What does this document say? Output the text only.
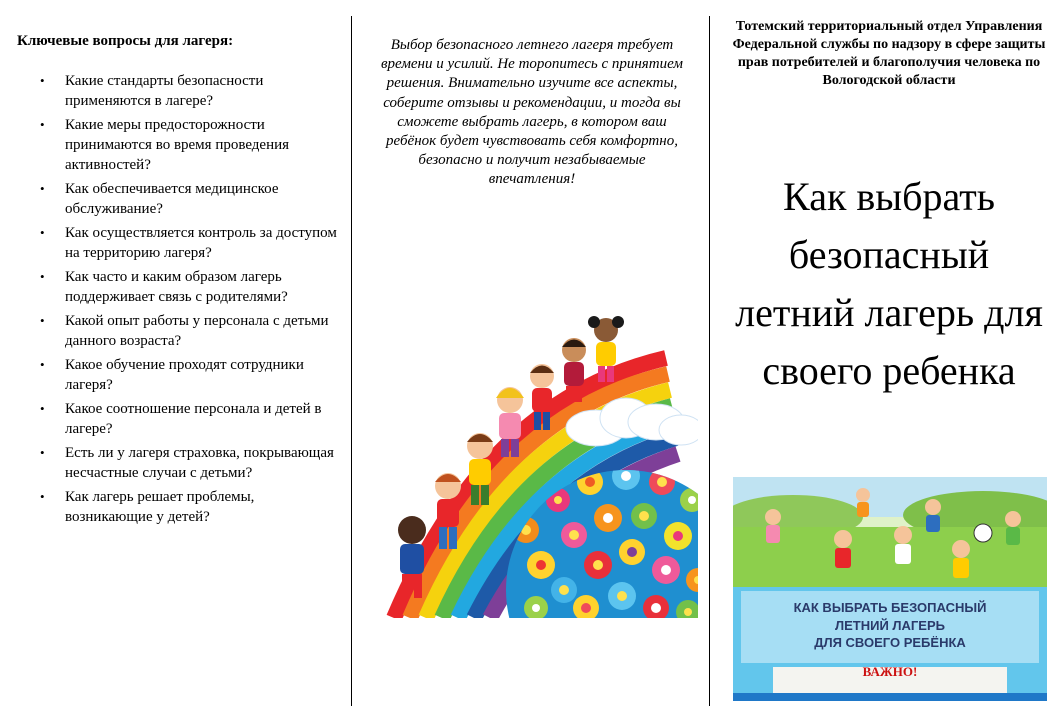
Ключевые вопросы для лагеря:
• Какие стандарты безопасности применяются в лагере?
• Какие меры предосторожности принимаются во время проведения активностей?
• Как обеспечивается медицинское обслуживание?
• Как осуществляется контроль за доступом на территорию лагеря?
• Как часто и каким образом лагерь поддерживает связь с родителями?
• Какой опыт работы у персонала с детьми данного возраста?
• Какое обучение проходят сотрудники лагеря?
• Какое соотношение персонала и детей в лагере?
• Есть ли у лагеря страховка, покрывающая несчастные случаи с детьми?
• Как лагерь решает проблемы, возникающие у детей?
Выбор безопасного летнего лагеря требует времени и усилий. Не торопитесь с принятием решения. Внимательно изучите все аспекты, соберите отзывы и рекомендации, и тогда вы сможете выбрать лагерь, в котором ваш ребёнок будет чувствовать себя комфортно, безопасно и получит незабываемые впечатления!
Тотемский территориальный отдел Управления Федеральной службы по надзору в сфере защиты прав потребителей и благополучия человека по Вологодской области
Как выбрать безопасный летний лагерь для своего ребенка
КАК ВЫБРАТЬ БЕЗОПАСНЫЙ
ЛЕТНИЙ ЛАГЕРЬ
ДЛЯ СВОЕГО РЕБЁНКА
ВАЖНО!
